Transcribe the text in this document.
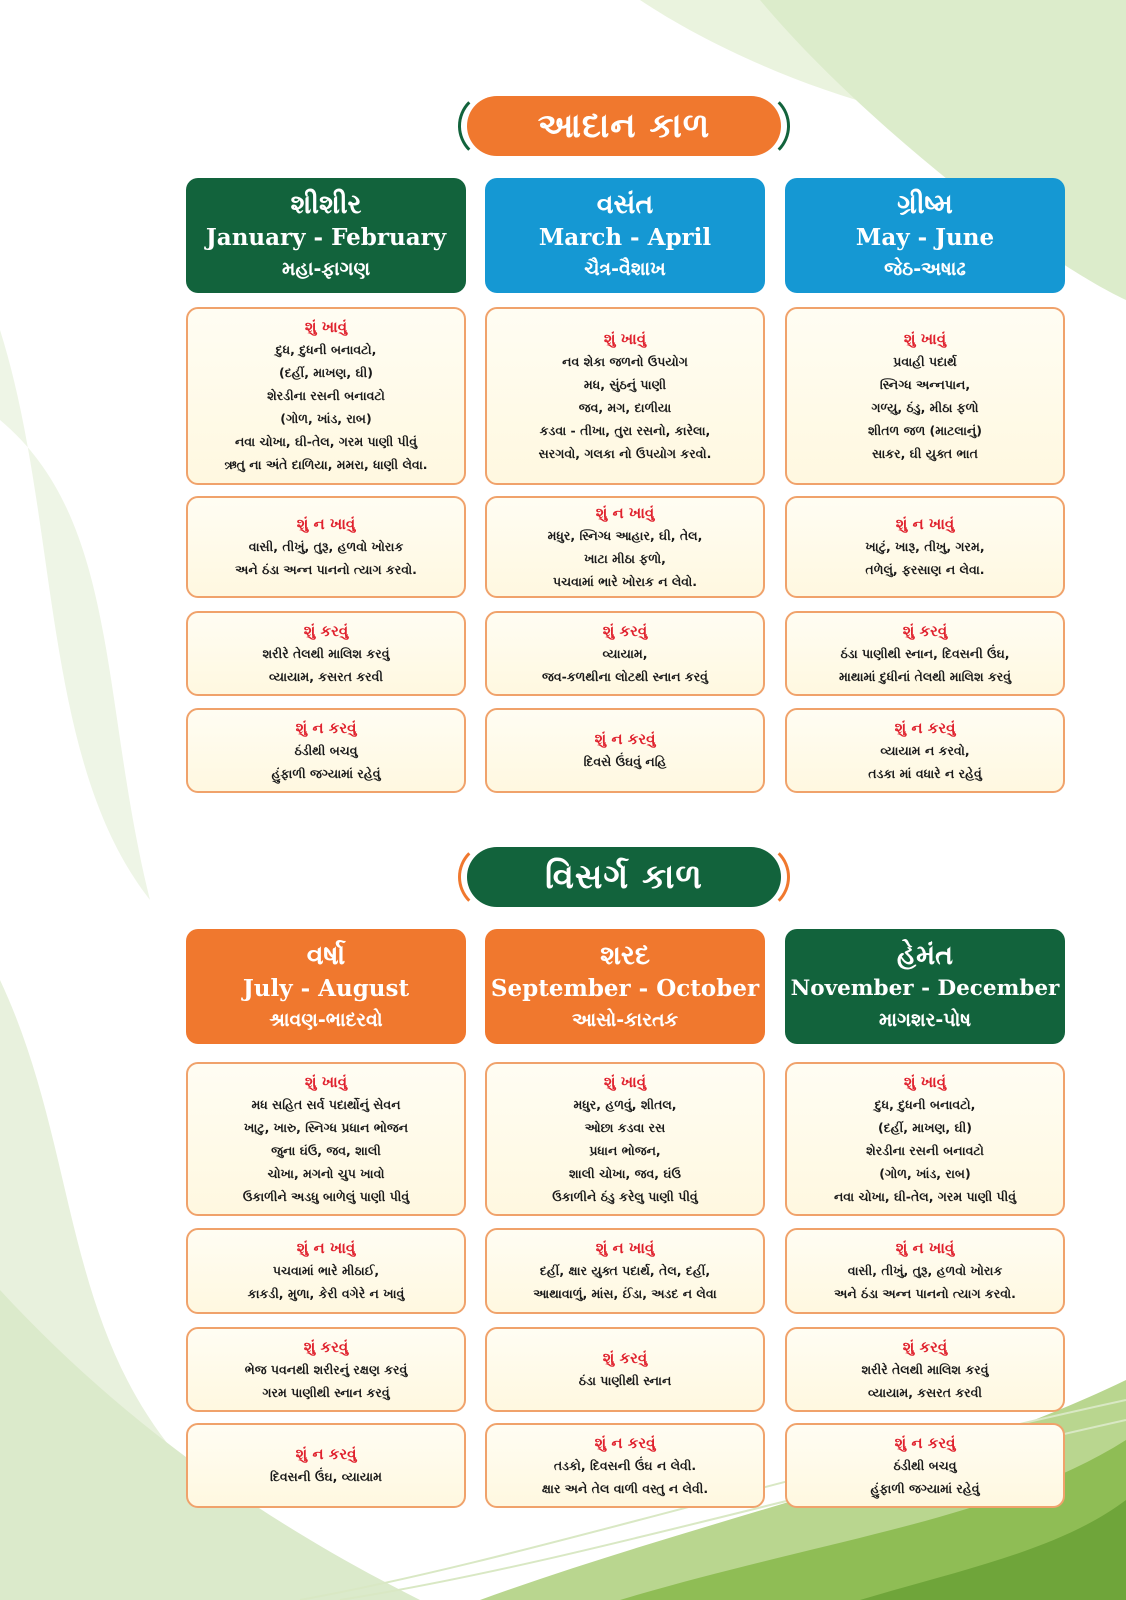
આદાન કાળ
વિસર્ગ કાળ
શીશીર
January - February
મહા-ફાગણ
શું ખાવું
દુધ, દુધની બનાવટો,
(દહીં, માખણ, ઘી)
શેરડીના રસની બનાવટો
(ગોળ, ખાંડ, રાબ)
નવા ચોખા, ઘી-તેલ, ગરમ પાણી પીવું
ઋતુ ના અંતે દાળિયા, મમરા, ધાણી લેવા.
શું ન ખાવું
વાસી, તીખું, તુરૂ, હળવો ખોરાક
અને ઠંડા અન્ન પાનનો ત્યાગ કરવો.
શું કરવું
શરીરે તેલથી માલિશ કરવું
વ્યાયામ, કસરત કરવી
શું ન કરવું
ઠંડીથી બચવુ
હુંફાળી જગ્યામાં રહેવું
વસંત
March - April
ચૈત્ર-વૈશાખ
શું ખાવું
નવ શેકા જળનો ઉપયોગ
મધ, સુંઠનું પાણી
જવ, મગ, દાળીયા
કડવા - તીખા, તુરા રસનો, કારેલા,
સરગવો, ગલકા નો ઉપયોગ કરવો.
શું ન ખાવું
મધુર, સ્નિગ્ધ આહાર, ઘી, તેલ,
ખાટા મીઠા ફળો,
પચવામાં ભારે ખોરાક ન લેવો.
શું કરવું
વ્યાયામ,
જવ-કળથીના લોટથી સ્નાન કરવું
શું ન કરવું
દિવસે ઉંઘવું નહિ
ગ્રીષ્મ
May - June
જેઠ-અષાઢ
શું ખાવું
પ્રવાહી પદાર્થ
સ્નિગ્ધ અન્નપાન,
ગળ્યુ, ઠંડુ, મીઠા ફળો
શીતળ જળ (માટલાનું)
સાકર, ઘી યુક્ત ભાત
શું ન ખાવું
ખાટું, ખારૂ, તીખુ, ગરમ,
તળેલું, ફરસાણ ન લેવા.
શું કરવું
ઠંડા પાણીથી સ્નાન, દિવસની ઉંઘ,
માથામાં દુધીનાં તેલથી માલિશ કરવું
શું ન કરવું
વ્યાયામ ન કરવો,
તડકા માં વધારે ન રહેવું
વર્ષા
July - August
શ્રાવણ-ભાદરવો
શું ખાવું
મધ સહિત સર્વ પદાર્થોનું સેવન
ખાટુ, ખારુ, સ્નિગ્ધ પ્રધાન ભોજન
જુના ઘંઉ, જવ, શાલી
ચોખા, મગનો ચુપ ખાવો
ઉકાળીને અડધુ બાળેલું પાણી પીવું
શું ન ખાવું
પચવામાં ભારે મીઠાઈ,
કાકડી, મુળા, કેરી વગેરે ન ખાવું
શું કરવું
ભેજ પવનથી શરીરનું રક્ષણ કરવું
ગરમ પાણીથી સ્નાન કરવું
શું ન કરવું
દિવસની ઉંઘ, વ્યાયામ
શરદ
September - October
આસો-કારતક
શું ખાવું
મધુર, હળવું, શીતલ,
ઓછા કડવા રસ
પ્રધાન ભોજન,
શાલી ચોખા, જવ, ઘંઉ
ઉકાળીને ઠંડુ કરેલુ પાણી પીવું
શું ન ખાવું
દહીં, ક્ષાર યુક્ત પદાર્થ, તેલ, દહીં,
આથાવાળું, માંસ, ઈંડા, અડદ ન લેવા
શું કરવું
ઠંડા પાણીથી સ્નાન
શું ન કરવું
તડકો, દિવસની ઉંઘ ન લેવી.
ક્ષાર અને તેલ વાળી વસ્તુ ન લેવી.
હેમંત
November - December
માગશર-પોષ
શું ખાવું
દુધ, દુધની બનાવટો,
(દહીં, માખણ, ઘી)
શેરડીના રસની બનાવટો
(ગોળ, ખાંડ, રાબ)
નવા ચોખા, ઘી-તેલ, ગરમ પાણી પીવું
શું ન ખાવું
વાસી, તીખું, તુરૂ, હળવો ખોરાક
અને ઠંડા અન્ન પાનનો ત્યાગ કરવો.
શું કરવું
શરીરે તેલથી માલિશ કરવું
વ્યાયામ, કસરત કરવી
શું ન કરવું
ઠંડીથી બચવુ
હુંફાળી જગ્યામાં રહેવું
